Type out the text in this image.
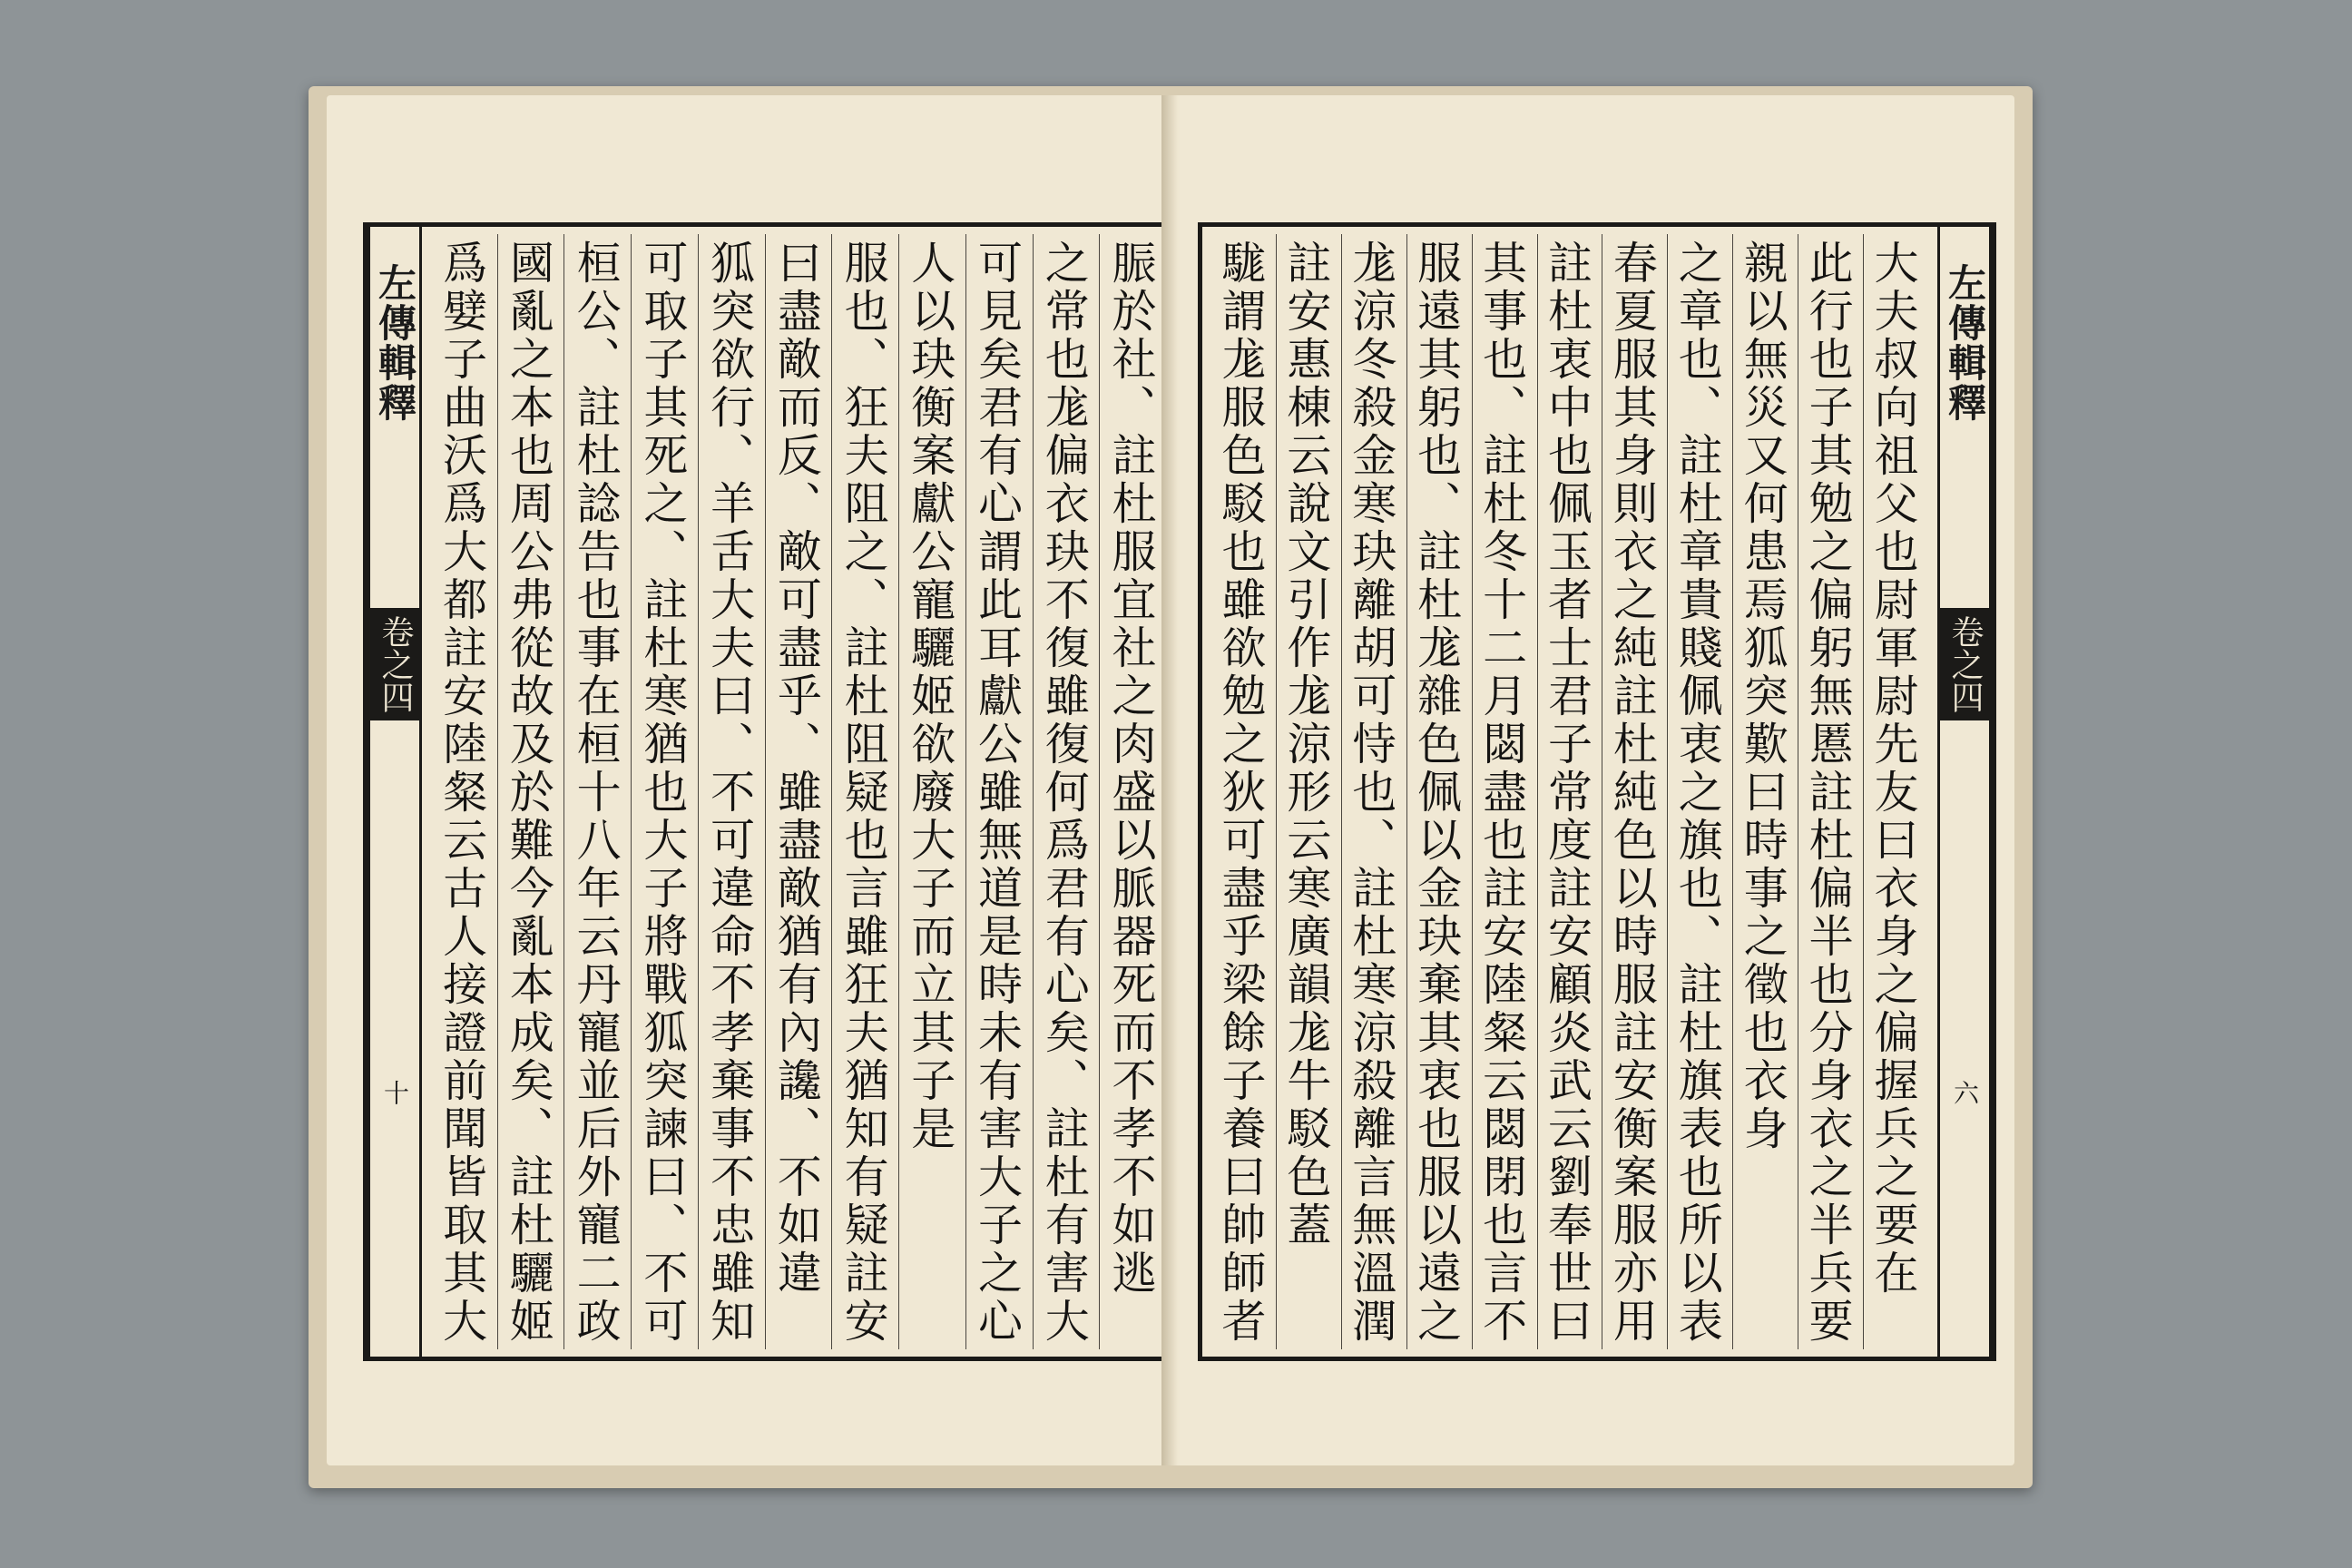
脤於社、註杜服宜社之肉盛以脈器死而不孝不如逃
之常也尨偏衣玦不復雖復何爲君有心矣、註杜有害大
可見矣君有心謂此耳獻公雖無道是時未有害大子之心
人以玦衡案獻公寵驪姬欲廢大子而立其子是
服也、狂夫阻之、註杜阻疑也言雖狂夫猶知有疑註安
曰盡敵而反、敵可盡乎、雖盡敵猶有內讒、不如違
狐突欲行、羊舌大夫曰、不可違命不孝棄事不忠雖知
可取子其死之、註杜寒猶也大子將戰狐突諫曰、不可
桓公、註杜諗告也事在桓十八年云丹寵並后外寵二政
國亂之本也周公弗從故及於難今亂本成矣、註杜驪姬
爲嬖子曲沃爲大都註安陸粲云古人接證前聞皆取其大
左傳輯釋
卷之四
十	大夫叔向祖父也尉軍尉先友曰衣身之偏握兵之要在
此行也子其勉之偏躬無慝註杜偏半也分身衣之半兵要
親以無災又何患焉狐突歎曰時事之徵也衣身
之章也、註杜章貴賤佩衷之旗也、註杜旗表也所以表
春夏服其身則衣之純註杜純色以時服註安衡案服亦用
註杜衷中也佩玉者士君子常度註安顧炎武云劉奉世曰
其事也、註杜冬十二月閟盡也註安陸粲云閟閉也言不
服遠其躬也、註杜尨雜色佩以金玦棄其衷也服以遠之
尨涼冬殺金寒玦離胡可恃也、註杜寒涼殺離言無溫潤
註安惠棟云說文引作尨涼形云寒廣韻尨牛駁色蓋
駹謂尨服色駁也雖欲勉之狄可盡乎梁餘子養曰帥師者
左傳輯釋
卷之四
六
